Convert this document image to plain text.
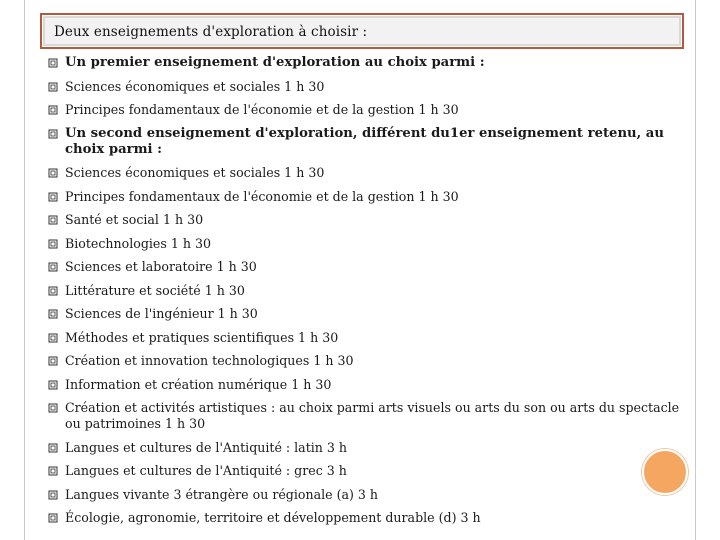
Deux enseignements d'exploration à choisir :
Un premier enseignement d'exploration au choix parmi :
Sciences économiques et sociales 1 h 30
Principes fondamentaux de l'économie et de la gestion 1 h 30
Un second enseignement d'exploration, différent du1er enseignement retenu, au choix parmi :
Sciences économiques et sociales 1 h 30
Principes fondamentaux de l'économie et de la gestion 1 h 30
Santé et social 1 h 30
Biotechnologies 1 h 30
Sciences et laboratoire 1 h 30
Littérature et société 1 h 30
Sciences de l'ingénieur 1 h 30
Méthodes et pratiques scientifiques 1 h 30
Création et innovation technologiques 1 h 30
Information et création numérique 1 h 30
Création et activités artistiques : au choix parmi arts visuels ou arts du son ou arts du spectacle ou patrimoines 1 h 30
Langues et cultures de l'Antiquité : latin 3 h
Langues et cultures de l'Antiquité : grec 3 h
Langues vivante 3 étrangère ou régionale (a) 3 h
Écologie, agronomie, territoire et développement durable (d) 3 h
